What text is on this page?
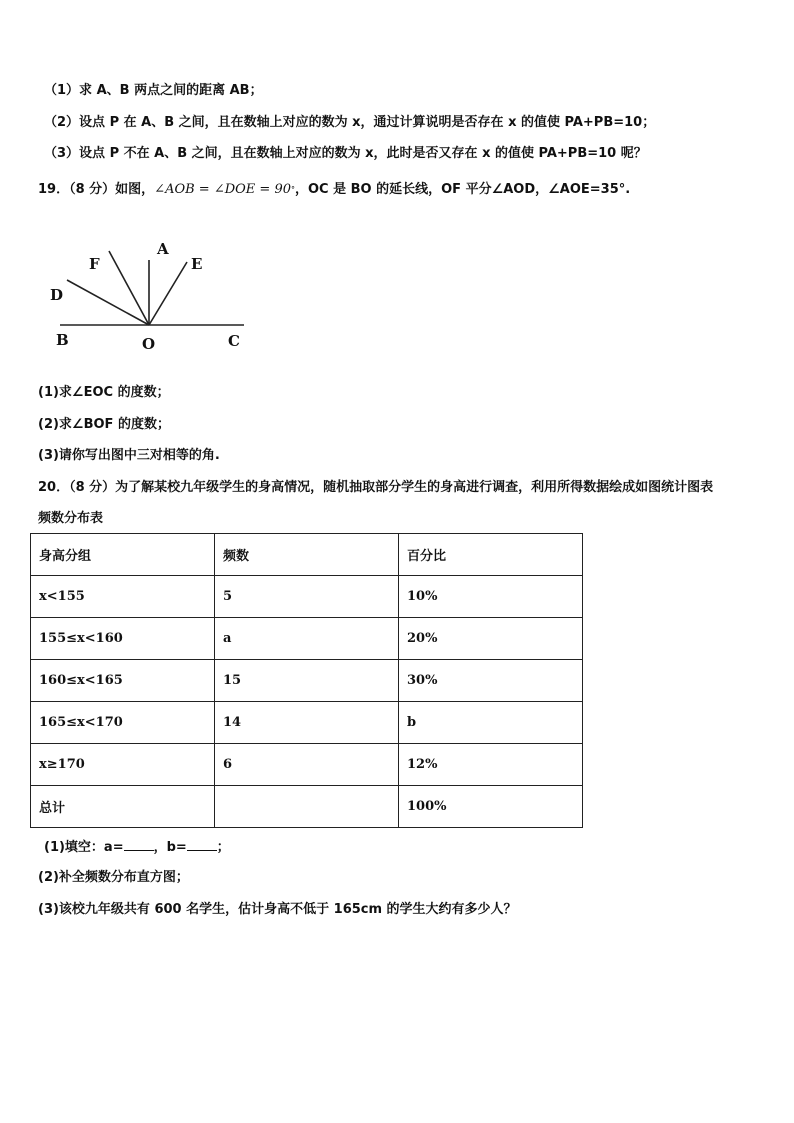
（1）求 A、B 两点之间的距离 AB；
（2）设点 P 在 A、B 之间，且在数轴上对应的数为 x，通过计算说明是否存在 x 的值使 PA+PB=10；
（3）设点 P 不在 A、B 之间，且在数轴上对应的数为 x，此时是否又存在 x 的值使 PA+PB=10 呢？
19．（8 分）如图，∠AOB = ∠DOE = 90°，OC 是 BO 的延长线，OF 平分∠AOD，∠AOE=35°.
A
E
F
D
B	O	C
(1)求∠EOC 的度数；
(2)求∠BOF 的度数；
(3)请你写出图中三对相等的角.
20．（8 分）为了解某校九年级学生的身高情况，随机抽取部分学生的身高进行调查，利用所得数据绘成如图统计图表
频数分布表
身高分组	频数	百分比
x<155	5	10%
155≤x<160	a	20%
160≤x<165	15	30%
165≤x<170	14	b
x≥170	6	12%
总计		100%
(1)填空：a= ，b= ；
(2)补全频数分布直方图；
(3)该校九年级共有 600 名学生，估计身高不低于 165cm 的学生大约有多少人？
